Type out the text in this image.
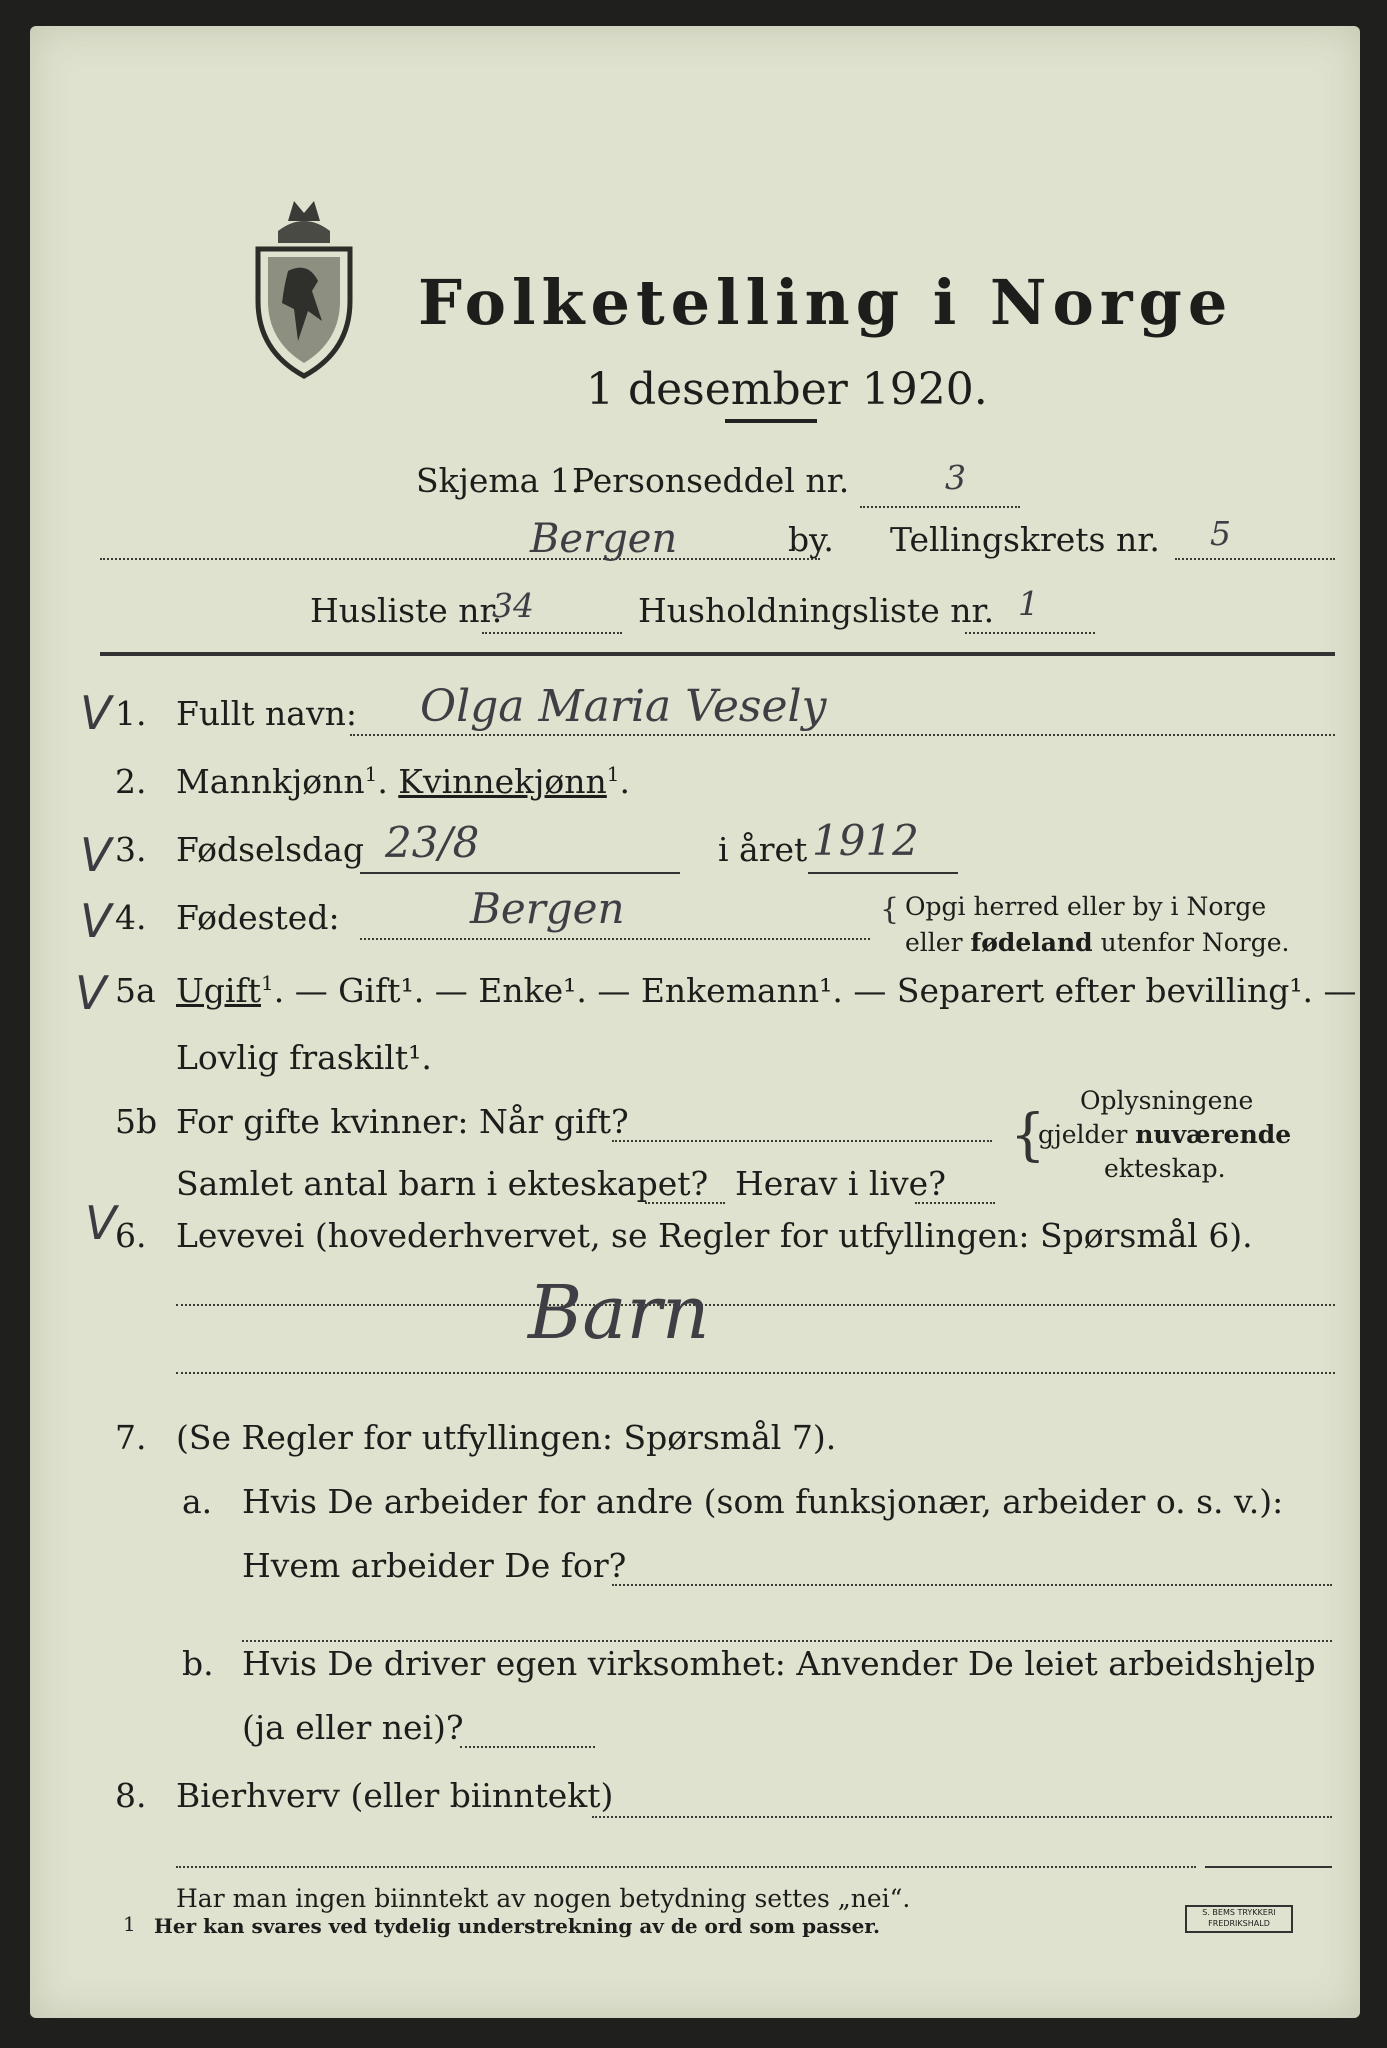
Folketelling i Norge
1 desember 1920.
Skjema 1.
Personseddel nr.	3
Bergen	by. Tellingskrets nr. 5
Husliste nr.
34	Husholdningsliste nr. 1
V
V
V
V
V
1. Fullt navn: Olga Maria Vesely
2. Mannkjønn$^1$. Kvinnekjønn$^1$.
3. Fødselsdag 23/8	i året 1912
4. Fødested:	Bergen	{ Opgi herred eller by i Norge
eller fødeland utenfor Norge.
5a Ugift$^1$. — Gift¹. — Enke¹. — Enkemann¹. — Separert efter bevilling¹. —
Lovlig fraskilt¹.
5b For gifte kvinner: Når gift?
Samlet antal barn i ekteskapet? Herav i live?
{
Oplysningene
gjelder nuværende
ekteskap.
6. Levevei (hovederhvervet, se Regler for utfyllingen: Spørsmål 6).
Barn
7. (Se Regler for utfyllingen: Spørsmål 7).
a. Hvis De arbeider for andre (som funksjonær, arbeider o. s. v.):
Hvem arbeider De for?
b. Hvis De driver egen virksomhet: Anvender De leiet arbeidshjelp
(ja eller nei)?
8. Bierhverv (eller biinntekt)
Har man ingen biinntekt av nogen betydning settes „nei“.
1 Her kan svares ved tydelig understrekning av de ord som passer.
S. BEMS TRYKKERI
FREDRIKSHALD
